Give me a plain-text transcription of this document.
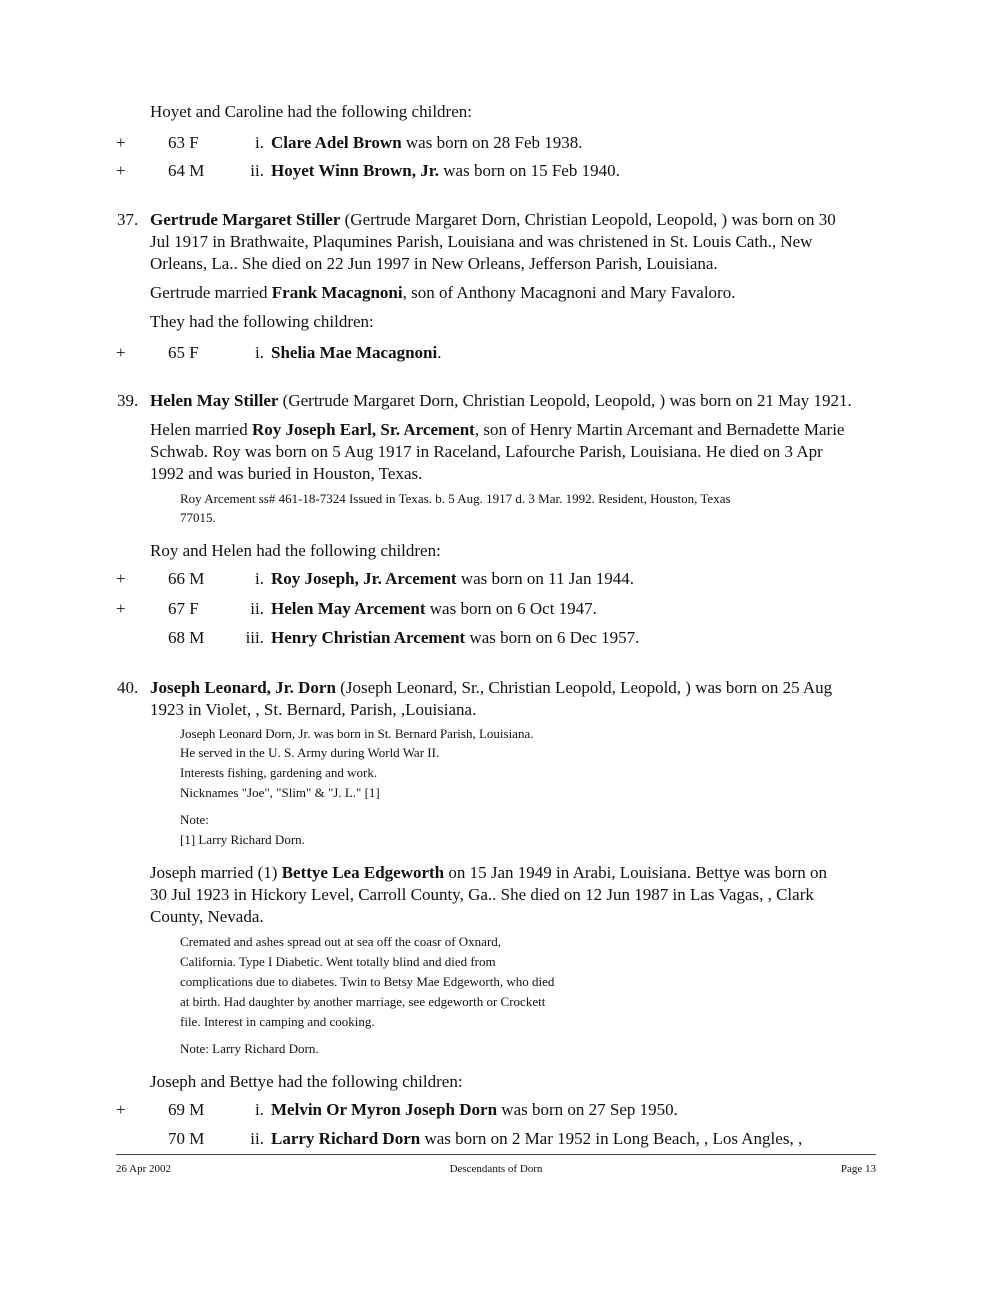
Hoyet and Caroline had the following children:

+ 63 F	i. Clare Adel Brown was born on 28 Feb 1938.
+ 64 M	ii. Hoyet Winn Brown, Jr. was born on 15 Feb 1940.

37. Gertrude Margaret Stiller (Gertrude Margaret Dorn, Christian Leopold, Leopold, ) was born on 30

Jul 1917 in Brathwaite, Plaqumines Parish, Louisiana and was christened in St. Louis Cath., New

Orleans, La.. She died on 22 Jun 1997 in New Orleans, Jefferson Parish, Louisiana.

Gertrude married Frank Macagnoni, son of Anthony Macagnoni and Mary Favaloro.

They had the following children:

+ 65 F	i. Shelia Mae Macagnoni.

39. Helen May Stiller (Gertrude Margaret Dorn, Christian Leopold, Leopold, ) was born on 21 May 1921.

Helen married Roy Joseph Earl, Sr. Arcement, son of Henry Martin Arcemant and Bernadette Marie

Schwab. Roy was born on 5 Aug 1917 in Raceland, Lafourche Parish, Louisiana. He died on 3 Apr

1992 and was buried in Houston, Texas.

Roy Arcement ss# 461-18-7324 Issued in Texas. b. 5 Aug. 1917 d. 3 Mar. 1992. Resident, Houston, Texas

77015.

Roy and Helen had the following children:

+ 66 M	i. Roy Joseph, Jr. Arcement was born on 11 Jan 1944.
+ 67 F	ii. Helen May Arcement was born on 6 Oct 1947.
68 M iii. Henry Christian Arcement was born on 6 Dec 1957.

40. Joseph Leonard, Jr. Dorn (Joseph Leonard, Sr., Christian Leopold, Leopold, ) was born on 25 Aug

1923 in Violet, , St. Bernard, Parish, ,Louisiana.

Joseph Leonard Dorn, Jr. was born in St. Bernard Parish, Louisiana.

He served in the U. S. Army during World War II.

Interests fishing, gardening and work.

Nicknames "Joe", "Slim" & "J. L." [1]

Note:

[1] Larry Richard Dorn.

Joseph married (1) Bettye Lea Edgeworth on 15 Jan 1949 in Arabi, Louisiana. Bettye was born on

30 Jul 1923 in Hickory Level, Carroll County, Ga.. She died on 12 Jun 1987 in Las Vagas, , Clark

County, Nevada.

Cremated and ashes spread out at sea off the coasr of Oxnard,

California. Type I Diabetic. Went totally blind and died from

complications due to diabetes. Twin to Betsy Mae Edgeworth, who died

at birth. Had daughter by another marriage, see edgeworth or Crockett

file. Interest in camping and cooking.

Note: Larry Richard Dorn.

Joseph and Bettye had the following children:

+ 69 M	i. Melvin Or Myron Joseph Dorn was born on 27 Sep 1950.
70 M	ii. Larry Richard Dorn was born on 2 Mar 1952 in Long Beach, , Los Angles, ,
26 Apr 2002	Descendants of Dorn	Page 13
